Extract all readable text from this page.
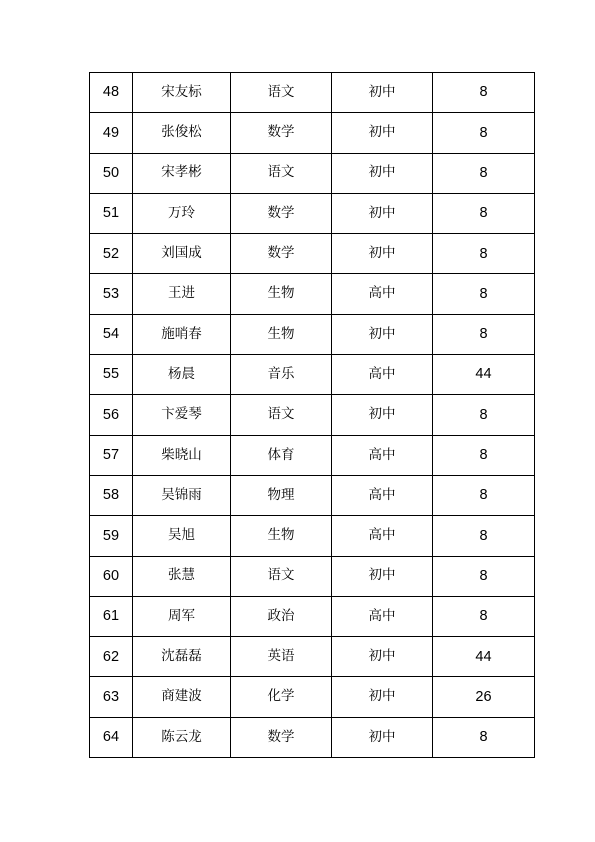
48	宋友标	语文	初中	8
49	张俊松	数学	初中	8
50	宋孝彬	语文	初中	8
51	万玲	数学	初中	8
52	刘国成	数学	初中	8
53	王进	生物	高中	8
54	施哨春	生物	初中	8
55	杨晨	音乐	高中	44
56	卞爱琴	语文	初中	8
57	柴晓山	体育	高中	8
58	吴锦雨	物理	高中	8
59	吴旭	生物	高中	8
60	张慧	语文	初中	8
61	周军	政治	高中	8
62	沈磊磊	英语	初中	44
63	商建波	化学	初中	26
64	陈云龙	数学	初中	8
